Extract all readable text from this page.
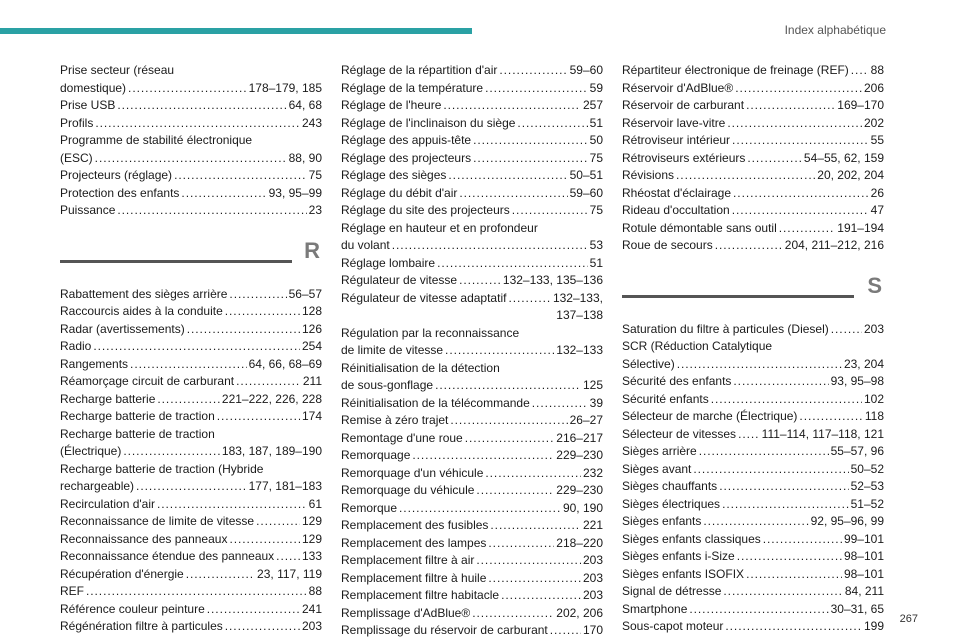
Index alphabétique
Prise secteur (réseau
domestique) . . .	178–179, 185
Prise USB . . .	64, 68
Profils . . .	243
Programme de stabilité électronique
(ESC) . . .	88, 90
Projecteurs (réglage) . . .	75
Protection des enfants . . .	93, 95–99
Puissance . . .	23
R
Rabattement des sièges arrière . . .	56–57
Raccourcis aides à la conduite . . .	128
Radar (avertissements) . . .	126
Radio . . .	254
Rangements . . .	64, 66, 68–69
Réamorçage circuit de carburant . . .	211
Recharge batterie . . .	221–222, 226, 228
Recharge batterie de traction . . .	174
Recharge batterie de traction
(Électrique) . . .	183, 187, 189–190
Recharge batterie de traction (Hybride
rechargeable) . . .	177, 181–183
Recirculation d'air . . .	61
Reconnaissance de limite de vitesse . . .	129
Reconnaissance des panneaux . . .	129
Reconnaissance étendue des panneaux . . . 133
Récupération d'énergie . . .	23, 117, 119
REF . . .	88
Référence couleur peinture . . .	241
Régénération filtre à particules . . .	203
Réglage de la répartition d'air . . .	59–60
Réglage de la température . . .	59
Réglage de l'heure . . .	257
Réglage de l'inclinaison du siège . . .	51
Réglage des appuis-tête . . .	50
Réglage des projecteurs . . .	75
Réglage des sièges . . .	50–51
Réglage du débit d'air . . .	59–60
Réglage du site des projecteurs . . .	75
Réglage en hauteur et en profondeur
du volant . . .	53
Réglage lombaire . . .	51
Régulateur de vitesse . . .	132–133, 135–136
Régulateur de vitesse adaptatif . . .	132–133,
137–138
Régulation par la reconnaissance
de limite de vitesse . . .	132–133
Réinitialisation de la détection
de sous-gonflage . . .	125
Réinitialisation de la télécommande . . .	39
Remise à zéro trajet . . .	26–27
Remontage d'une roue . . .	216–217
Remorquage . . .	229–230
Remorquage d'un véhicule . . .	232
Remorquage du véhicule . . .	229–230
Remorque . . .	90, 190
Remplacement des fusibles . . .	221
Remplacement des lampes . . .	218–220
Remplacement filtre à air . . .	203
Remplacement filtre à huile . . .	203
Remplacement filtre habitacle . . .	203
Remplissage d'AdBlue® . . .	202, 206
Remplissage du réservoir de carburant . . .	170
Répartiteur électronique de freinage (REF) . . . 88
Réservoir d'AdBlue® . . .	206
Réservoir de carburant . . .	169–170
Réservoir lave-vitre . . .	202
Rétroviseur intérieur . . .	55
Rétroviseurs extérieurs . . .	54–55, 62, 159
Révisions . . .	20, 202, 204
Rhéostat d'éclairage . . .	26
Rideau d'occultation . . .	47
Rotule démontable sans outil . . .	191–194
Roue de secours . . .	204, 211–212, 216
S
Saturation du filtre à particules (Diesel) . . .	203
SCR (Réduction Catalytique
Sélective) . . .	23, 204
Sécurité des enfants . . .	93, 95–98
Sécurité enfants . . .	102
Sélecteur de marche (Électrique) . . .	118
Sélecteur de vitesses . . . 111–114, 117–118, 121
Sièges arrière . . .	55–57, 96
Sièges avant . . .	50–52
Sièges chauffants . . .	52–53
Sièges électriques . . .	51–52
Sièges enfants . . .	92, 95–96, 99
Sièges enfants classiques . . .	99–101
Sièges enfants i-Size . . .	98–101
Sièges enfants ISOFIX . . .	98–101
Signal de détresse . . .	84, 211
Smartphone . . .	30–31, 65
Sous-capot moteur . . .	199 267
